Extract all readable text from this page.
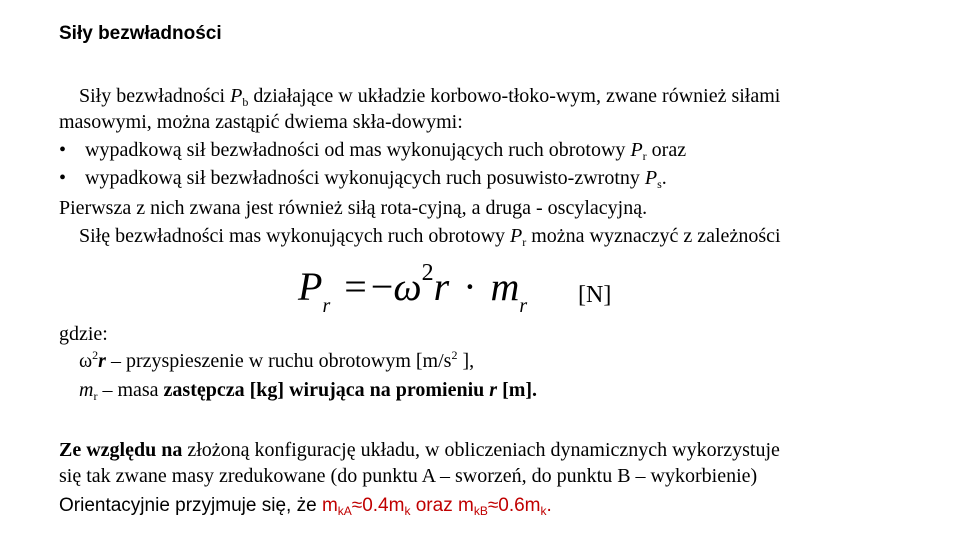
Siły bezwładności
Siły bezwładności $P_b$ działające w układzie korbowo-tłoko-wym, zwane również siłami
masowymi, można zastąpić dwiema skła-dowymi:
• wypadkową sił bezwładności od mas wykonujących ruch obrotowy $P_r$ oraz
• wypadkową sił bezwładności wykonujących ruch posuwisto-zwrotny $P_s$.
Pierwsza z nich zwana jest również siłą rota-cyjną, a druga - oscylacyjną.
Siłę bezwładności mas wykonujących ruch obrotowy $P_r$ można wyznaczyć z zależności
$P_r = -\omega^2r \cdot m_r$ [N]
gdzie:
$\omega^2r$ – przyspieszenie w ruchu obrotowym [$m/s^2$ ],
$m_r$ – masa zastępcza [kg] wirująca na promieniu r [m].
Ze względu na złożoną konfigurację układu, w obliczeniach dynamicznych wykorzystuje
się tak zwane masy zredukowane (do punktu A – sworzeń, do punktu B – wykorbienie)
Orientacyjnie przyjmuje się, że $m_{kA}\approx 0.4m_k$ oraz $m_{kB}\approx 0.6m_k$.
